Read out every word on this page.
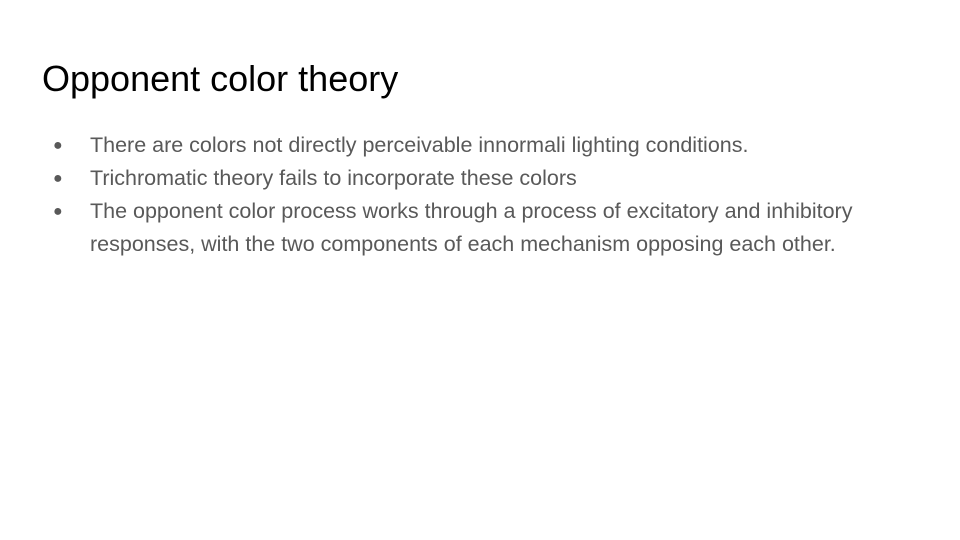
Opponent color theory
● There are colors not directly perceivable innormali lighting conditions.
● Trichromatic theory fails to incorporate these colors
● The opponent color process works through a process of excitatory and inhibitory responses, with the two components of each mechanism opposing each other.
